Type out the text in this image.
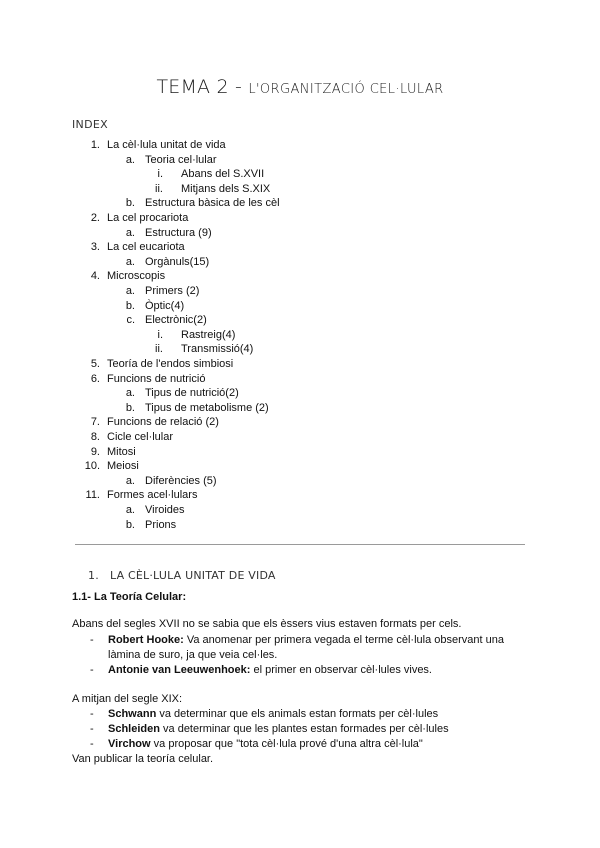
TEMA 2 - L'ORGANITZACIÓ CEL·LULAR
INDEX
1. La cèl·lula unitat de vida
a. Teoria cel·lular
i. Abans del S.XVII
ii. Mitjans dels S.XIX
b. Estructura bàsica de les cèl
2. La cel procariota
a. Estructura (9)
3. La cel eucariota
a. Orgànuls(15)
4. Microscopis
a. Primers (2)
b. Òptic(4)
c. Electrònic(2)
i. Rastreig(4)
ii. Transmissió(4)
5. Teoría de l'endos simbiosi
6. Funcions de nutrició
a. Tipus de nutrició(2)
b. Tipus de metabolisme (2)
7. Funcions de relació (2)
8. Cicle cel·lular
9. Mitosi
10. Meiosi
a. Diferències (5)
11. Formes acel·lulars
a. Viroides
b. Prions
1. LA CÈL·LULA UNITAT DE VIDA
1.1- La Teoría Celular:
Abans del segles XVII no se sabia que els èssers vius estaven formats per cels.
- Robert Hooke: Va anomenar per primera vegada el terme cèl·lula observant una làmina de suro, ja que veia cel·les.
- Antonie van Leeuwenhoek: el primer en observar cèl·lules vives.
A mitjan del segle XIX:
- Schwann va determinar que els animals estan formats per cèl·lules
- Schleiden va determinar que les plantes estan formades per cèl·lules
- Virchow va proposar que "tota cèl·lula prové d'una altra cèl·lula"
Van publicar la teoría celular.
